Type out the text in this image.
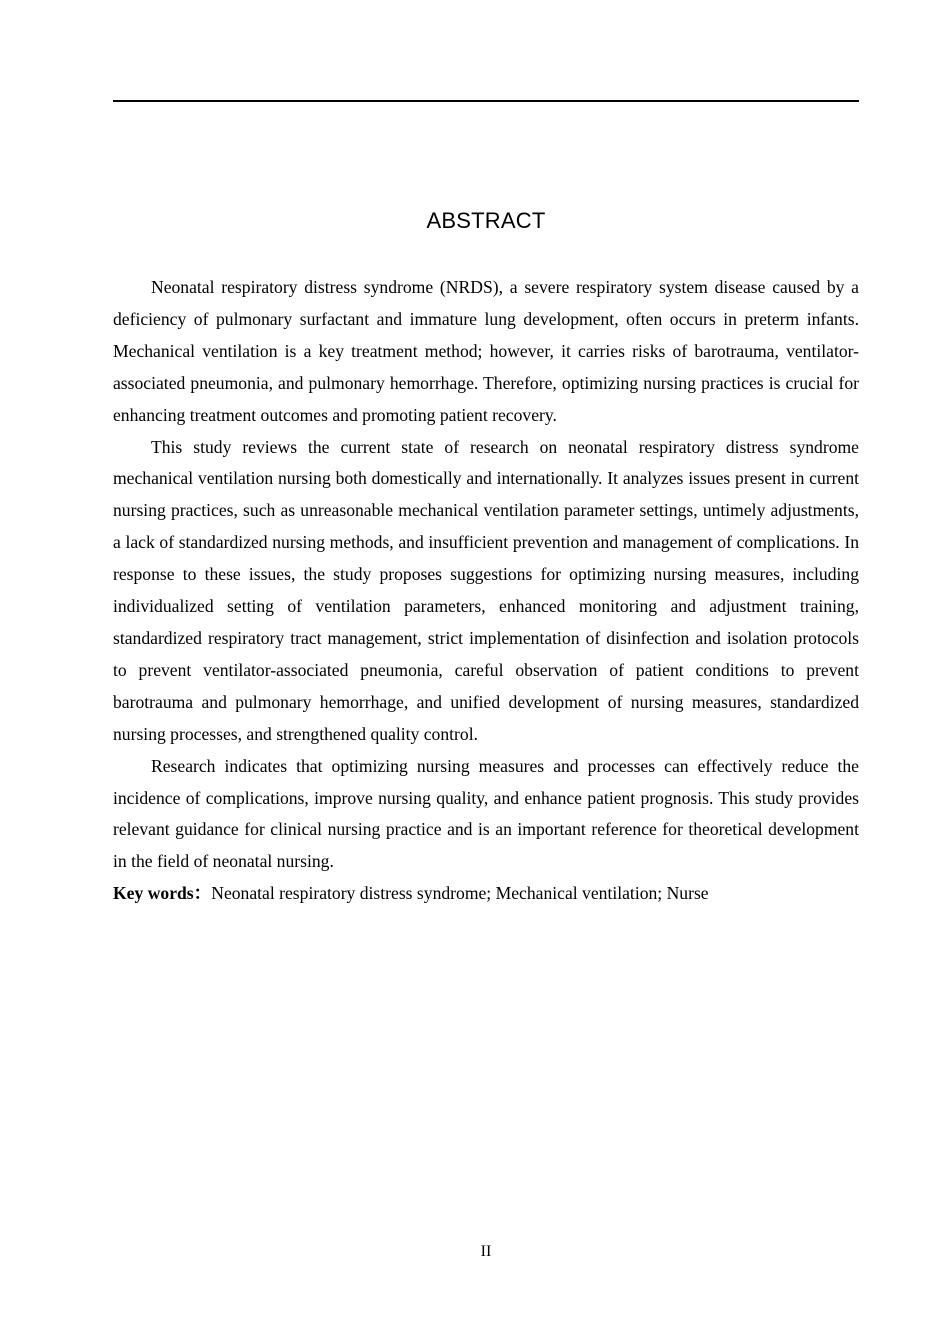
ABSTRACT

Neonatal respiratory distress syndrome (NRDS), a severe respiratory system disease caused by a deficiency of pulmonary surfactant and immature lung development, often occurs in preterm infants. Mechanical ventilation is a key treatment method; however, it carries risks of barotrauma, ventilator-associated pneumonia, and pulmonary hemorrhage. Therefore, optimizing nursing practices is crucial for enhancing treatment outcomes and promoting patient recovery.

This study reviews the current state of research on neonatal respiratory distress syndrome mechanical ventilation nursing both domestically and internationally. It analyzes issues present in current nursing practices, such as unreasonable mechanical ventilation parameter settings, untimely adjustments, a lack of standardized nursing methods, and insufficient prevention and management of complications. In response to these issues, the study proposes suggestions for optimizing nursing measures, including individualized setting of ventilation parameters, enhanced monitoring and adjustment training, standardized respiratory tract management, strict implementation of disinfection and isolation protocols to prevent ventilator-associated pneumonia, careful observation of patient conditions to prevent barotrauma and pulmonary hemorrhage, and unified development of nursing measures, standardized nursing processes, and strengthened quality control.

Research indicates that optimizing nursing measures and processes can effectively reduce the incidence of complications, improve nursing quality, and enhance patient prognosis. This study provides relevant guidance for clinical nursing practice and is an important reference for theoretical development in the field of neonatal nursing.

Key words：Neonatal respiratory distress syndrome; Mechanical ventilation; Nurse

II
